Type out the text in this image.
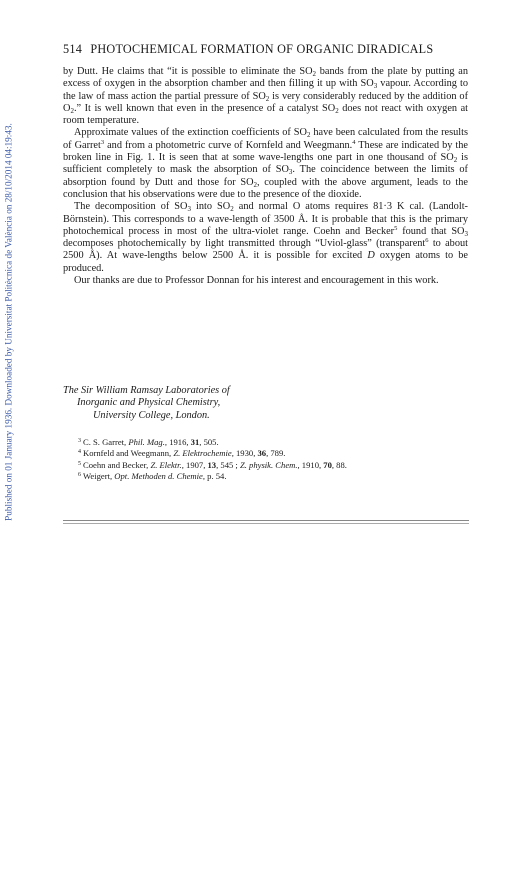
Published on 01 January 1936. Downloaded by Universitat Politècnica de València on 28/10/2014 04:19:43.
514 PHOTOCHEMICAL FORMATION OF ORGANIC DIRADICALS

by Dutt. He claims that “it is possible to eliminate the $SO_2$ bands from the plate by putting an excess of oxygen in the absorption chamber and then filling it up with $SO_3$ vapour. According to the law of mass action the partial pressure of $SO_2$ is very considerably reduced by the addition of $O_2$.” It is well known that even in the presence of a catalyst $SO_2$ does not react with oxygen at room temperature.

Approximate values of the extinction coefficients of $SO_2$ have been calculated from the results of Garret$^3$ and from a photometric curve of Kornfeld and Weegmann.$^4$ These are indicated by the broken line in Fig. 1. It is seen that at some wave-lengths one part in one thousand of $SO_2$ is sufficient completely to mask the absorption of $SO_3$. The coincidence between the limits of absorption found by Dutt and those for $SO_2$, coupled with the above argument, leads to the conclusion that his observations were due to the presence of the dioxide.

The decomposition of $SO_3$ into $SO_2$ and normal O atoms requires 81·3 K cal. (Landolt-Börnstein). This corresponds to a wave-length of 3500 Å. It is probable that this is the primary photochemical process in most of the ultra-violet range. Coehn and Becker$^5$ found that $SO_3$ decomposes photochemically by light transmitted through “Uviol-glass” (transparent$^6$ to about 2500 Å). At wave-lengths below 2500 Å. it is possible for excited D oxygen atoms to be produced.

Our thanks are due to Professor Donnan for his interest and encouragement in this work.

The Sir William Ramsay Laboratories of
Inorganic and Physical Chemistry,
University College, London.
$^3$ C. S. Garret, Phil. Mag., 1916, 31, 505.
$^4$ Kornfeld and Weegmann, Z. Elektrochemie, 1930, 36, 789.
$^5$ Coehn and Becker, Z. Elektr., 1907, 13, 545 ; Z. physik. Chem., 1910, 70, 88.
$^6$ Weigert, Opt. Methoden d. Chemie, p. 54.
